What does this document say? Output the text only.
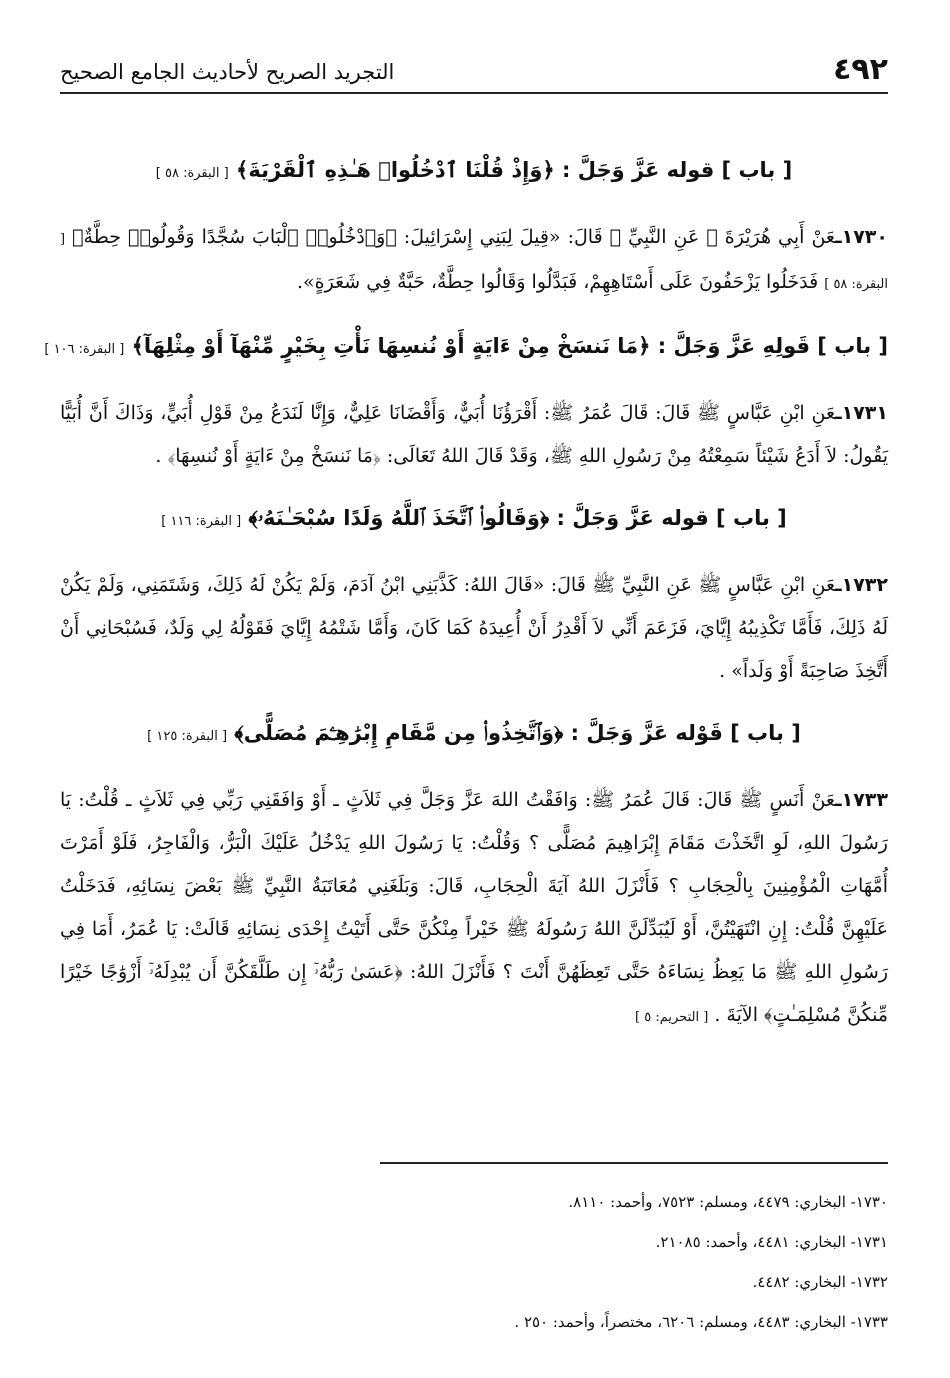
٤٩٢
التجريد الصريح لأحاديث الجامع الصحيح
[ باب ] قوله عَزَّ وَجَلَّ : ﴿وَإِذْ قُلْنَا ٱدْخُلُوا۟ هَـٰذِهِ ٱلْقَرْيَةَ﴾ [ البقرة: ٥٨ ]
١٧٣٠ـعَنْ أَبِي هُرَيْرَةَ ﷺ عَنِ النَّبِيِّ ﷺ قَالَ: «قِيلَ لِبَنِي إِسْرَائِيلَ: ﴿وَٱدْخُلُوا۟ ٱلْبَابَ سُجَّدًا وَقُولُوا۟ حِطَّةٌ﴾ [ البقرة: ٥٨ ] فَدَخَلُوا يَزْحَفُونَ عَلَى أَسْتَاهِهِمْ، فَبَدَّلُوا وَقَالُوا حِطَّةٌ، حَبَّةٌ فِي شَعَرَةٍ».
[ باب ] قَولِهِ عَزَّ وَجَلَّ : ﴿مَا نَنسَخْ مِنْ ءَايَةٍ أَوْ نُنسِهَا نَأْتِ بِخَيْرٍ مِّنْهَآ أَوْ مِثْلِهَآ﴾ [ البقرة: ١٠٦ ]
١٧٣١ـعَنِ ابْنِ عَبَّاسٍ ﷺ قَالَ: قَالَ عُمَرُ ﷺ: أَقْرَؤُنَا أُبَيٌّ، وَأَقْضَانَا عَلِيٌّ، وَإِنَّا لَنَدَعُ مِنْ قَوْلِ أُبَيٍّ، وَذَاكَ أَنَّ أُبَيًّا يَقُولُ: لاَ أَدَعُ شَيْئاً سَمِعْتُهُ مِنْ رَسُولِ اللهِ ﷺ، وَقَدْ قَالَ اللهُ تَعَالَى: ﴿مَا نَنسَخْ مِنْ ءَايَةٍ أَوْ نُنسِهَا﴾ .
[ باب ] قوله عَزَّ وَجَلَّ : ﴿وَقَالُوا۟ ٱتَّخَذَ ٱللَّهُ وَلَدًا سُبْحَـٰنَهُۥ﴾ [ البقرة: ١١٦ ]
١٧٣٢ـعَنِ ابْنِ عَبَّاسٍ ﷺ عَنِ النَّبِيِّ ﷺ قَالَ: «قَالَ اللهُ: كَذَّبَنِي ابْنُ آدَمَ، وَلَمْ يَكُنْ لَهُ ذَلِكَ، وَشَتَمَنِي، وَلَمْ يَكُنْ لَهُ ذَلِكَ، فَأَمَّا تَكْذِيبُهُ إِيَّايَ، فَزَعَمَ أَنِّي لاَ أَقْدِرُ أَنْ أُعِيدَهُ كَمَا كَانَ، وَأَمَّا شَتْمُهُ إِيَّايَ فَقَوْلُهُ لِي وَلَدٌ، فَسُبْحَانِي أَنْ أَتَّخِذَ صَاحِبَةً أَوْ وَلَداً» .
[ باب ] قَوْله عَزَّ وَجَلَّ : ﴿وَٱتَّخِذُوا۟ مِن مَّقَامِ إِبْرَٰهِـۧمَ مُصَلًّى﴾ [ البقرة: ١٢٥ ]
١٧٣٣ـعَنْ أَنَسٍ ﷺ قَالَ: قَالَ عُمَرُ ﷺ: وَافَقْتُ اللهَ عَزَّ وَجَلَّ فِي ثَلاَثٍ ـ أَوْ وَافَقَنِي رَبِّي فِي ثَلاَثٍ ـ قُلْتُ: يَا رَسُولَ اللهِ، لَوِ اتَّخَذْتَ مَقَامَ إِبْرَاهِيمَ مُصَلًّى ؟ وَقُلْتُ: يَا رَسُولَ اللهِ يَدْخُلُ عَلَيْكَ الْبَرُّ، وَالْفَاجِرُ، فَلَوْ أَمَرْتَ أُمَّهَاتِ الْمُؤْمِنِينَ بِالْحِجَابِ ؟ فَأَنْزَلَ اللهُ آيَةَ الْحِجَابِ، قَالَ: وَبَلَغَنِي مُعَاتَبَةُ النَّبِيِّ ﷺ بَعْضَ نِسَائِهِ، فَدَخَلْتُ عَلَيْهِنَّ قُلْتُ: إِنِ انْتَهَيْتُنَّ، أَوْ لَيُبَدِّلَنَّ اللهُ رَسُولَهُ ﷺ خَيْراً مِنْكُنَّ حَتَّى أَتَيْتُ إِحْدَى نِسَائِهِ قَالَتْ: يَا عُمَرُ، أَمَا فِي رَسُولِ اللهِ ﷺ مَا يَعِظُ نِسَاءَهُ حَتَّى تَعِظَهُنَّ أَنْتَ ؟ فَأَنْزَلَ اللهُ: ﴿عَسَىٰ رَبُّهُۥٓ إِن طَلَّقَكُنَّ أَن يُبْدِلَهُۥٓ أَزْوَٰجًا خَيْرًا مِّنكُنَّ مُسْلِمَـٰتٍ﴾ الآيَةَ . [ التحريم: ٥ ]
١٧٣٠- البخاري: ٤٤٧٩، ومسلم: ٧٥٢٣، وأحمد: ٨١١٠.
١٧٣١- البخاري: ٤٤٨١، وأحمد: ٢١٠٨٥.
١٧٣٢- البخاري: ٤٤٨٢.
١٧٣٣- البخاري: ٤٤٨٣، ومسلم: ٦٢٠٦، مختصراً، وأحمد: ٢٥٠ .
